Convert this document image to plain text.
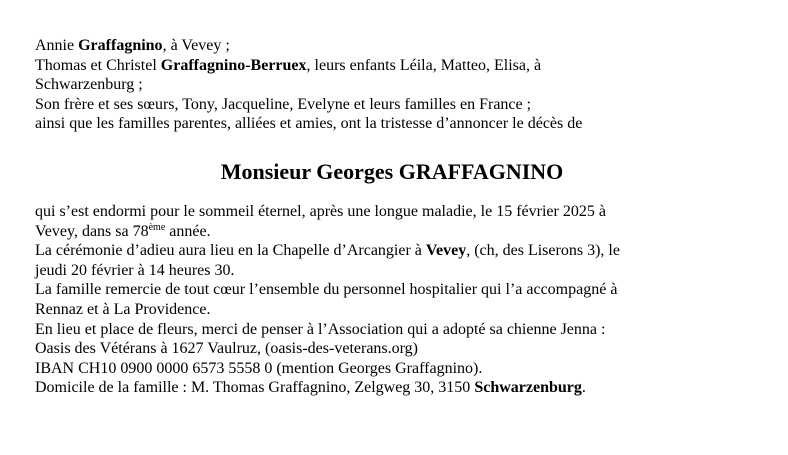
Annie Graffagnino, à Vevey ;

Thomas et Christel Graffagnino-Berruex, leurs enfants Léila, Matteo, Elisa, à

Schwarzenburg ;

Son frère et ses sœurs, Tony, Jacqueline, Evelyne et leurs familles en France ;

ainsi que les familles parentes, alliées et amies, ont la tristesse d’annoncer le décès de

Monsieur Georges GRAFFAGNINO

qui s’est endormi pour le sommeil éternel, après une longue maladie, le 15 février 2025 à

Vevey, dans sa 78ème année.

La cérémonie d’adieu aura lieu en la Chapelle d’Arcangier à Vevey, (ch, des Liserons 3), le

jeudi 20 février à 14 heures 30.

La famille remercie de tout cœur l’ensemble du personnel hospitalier qui l’a accompagné à

Rennaz et à La Providence.

En lieu et place de fleurs, merci de penser à l’Association qui a adopté sa chienne Jenna :

Oasis des Vétérans à 1627 Vaulruz, (oasis-des-veterans.org)

IBAN CH10 0900 0000 6573 5558 0 (mention Georges Graffagnino).

Domicile de la famille : M. Thomas Graffagnino, Zelgweg 30, 3150 Schwarzenburg.
